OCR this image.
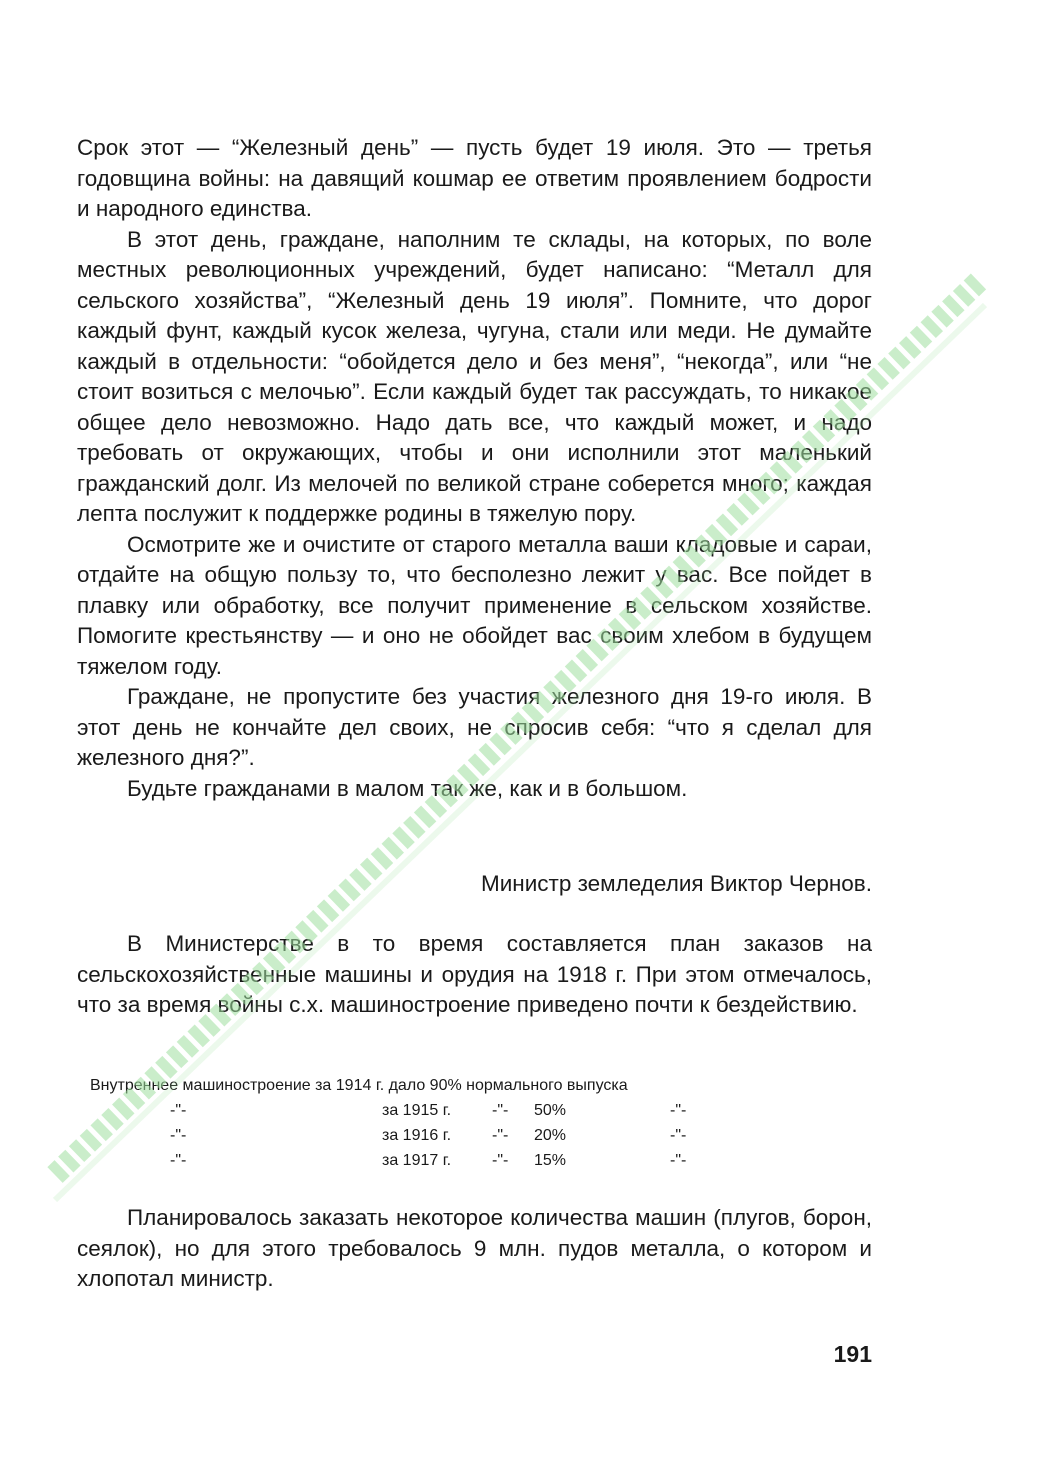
Срок этот — “Железный день” — пусть будет 19 июля. Это — третья годовщина войны: на давящий кошмар ее ответим проявлением бодрости и народного единства.

В этот день, граждане, наполним те склады, на которых, по воле местных революционных учреждений, будет написано: “Металл для сельского хозяйства”, “Железный день 19 июля”. Помните, что дорог каждый фунт, каждый кусок железа, чугуна, стали или меди. Не думайте каждый в отдельности: “обойдется дело и без меня”, “некогда”, или “не стоит возиться с мелочью”. Если каждый будет так рассуждать, то никакое общее дело невозможно. Надо дать все, что каждый может, и надо требовать от окружающих, чтобы и они исполнили этот маленький гражданский долг. Из мелочей по великой стране соберется много; каждая лепта послужит к поддержке родины в тяжелую пору.

Осмотрите же и очистите от старого металла ваши кладовые и сараи, отдайте на общую пользу то, что бесполезно лежит у вас. Все пойдет в плавку или обработку, все получит применение в сельском хозяйстве. Помогите крестьянству — и оно не обойдет вас своим хлебом в будущем тяжелом году.

Граждане, не пропустите без участия железного дня 19-го июля. В этот день не кончайте дел своих, не спросив себя: “что я сделал для железного дня?”.

Будьте гражданами в малом так же, как и в большом.

Министр земледелия Виктор Чернов.

В Министерстве в то время составляется план заказов на сельскохозяйственные машины и орудия на 1918 г. При этом отмечалось, что за время войны с.х. машиностроение приведено почти к бездействию.

Внутреннее машиностроение за 1914 г. дало 90% нормального выпуска
-"-	за 1915 г.	-"- 50%	-"-
-"-	за 1916 г.	-"- 20%	-"-
-"-	за 1917 г.	-"- 15%	-"-

Планировалось заказать некоторое количества машин (плугов, борон, сеялок), но для этого требовалось 9 млн. пудов металла, о котором и хлопотал министр.

191
